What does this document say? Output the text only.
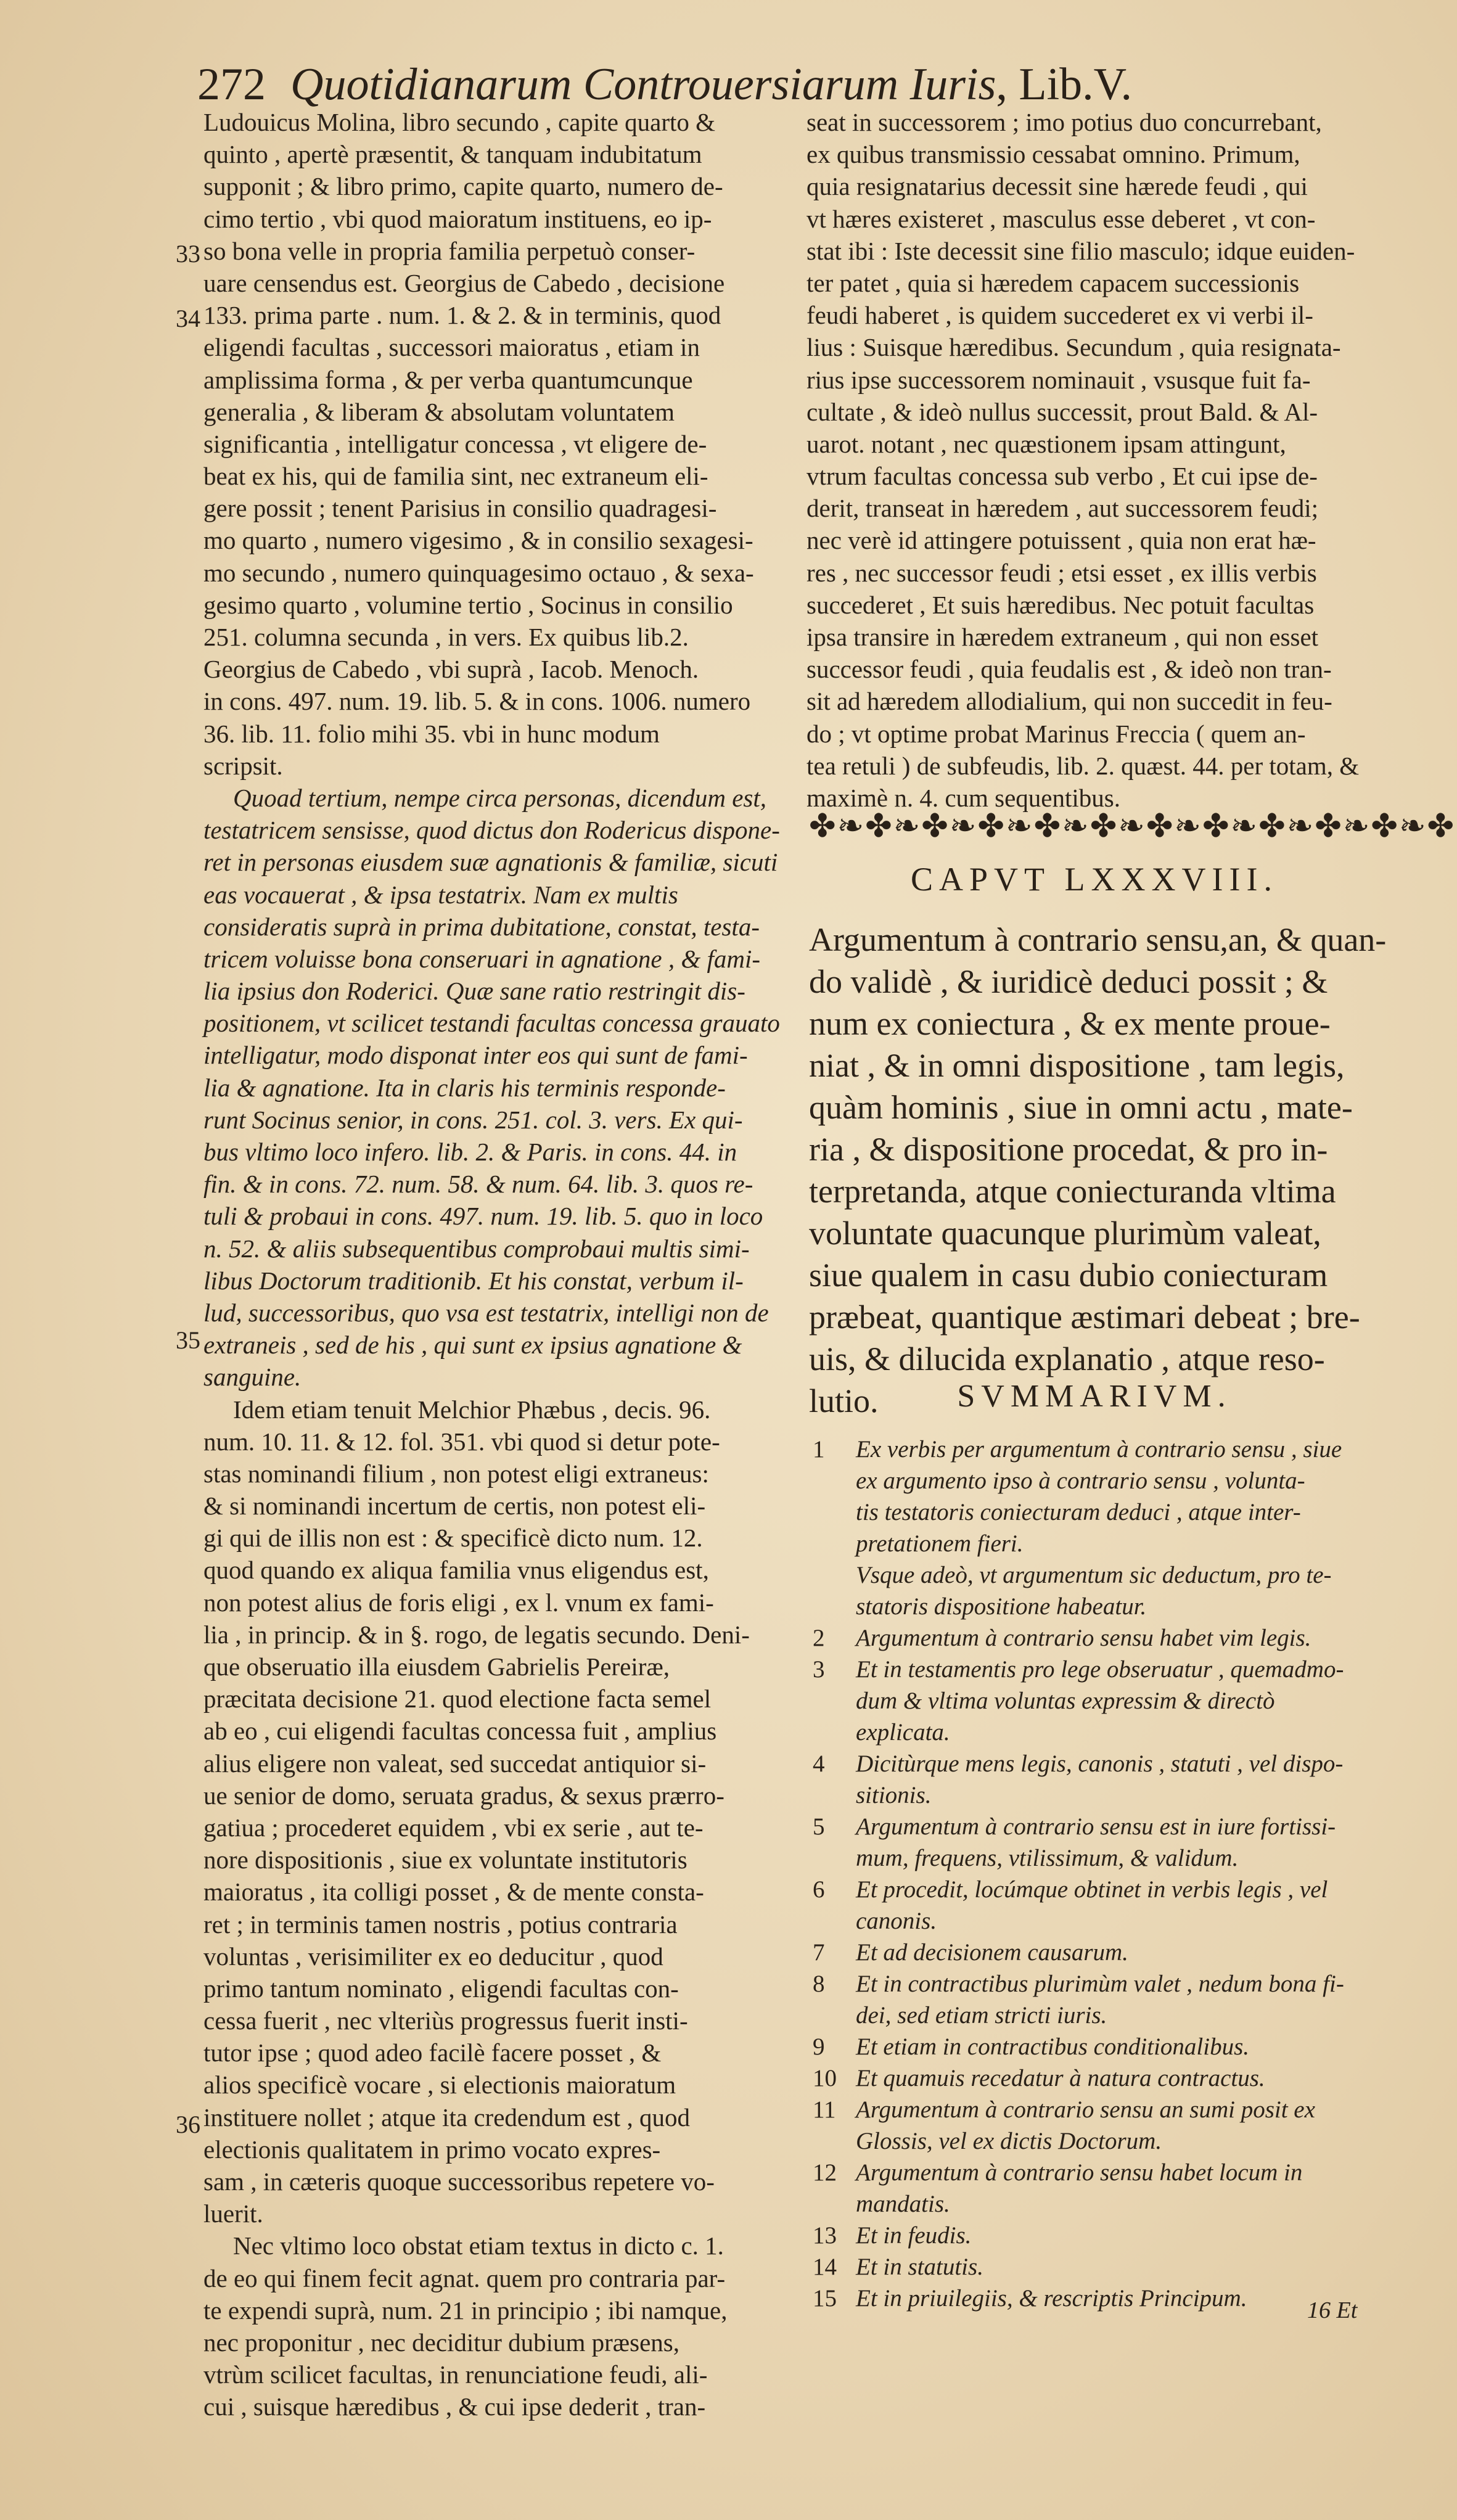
272 Quotidianarum Controuersiarum Iuris, Lib.V.
33
34
35
36
Ludouicus Molina, libro secundo , capite quarto &
quinto , apertè præsentit, & tanquam indubitatum
supponit ; & libro primo, capite quarto, numero de-
cimo tertio , vbi quod maioratum instituens, eo ip-
so bona velle in propria familia perpetuò conser-
uare censendus est. Georgius de Cabedo , decisione
133. prima parte . num. 1. & 2. & in terminis, quod
eligendi facultas , successori maioratus , etiam in
amplissima forma , & per verba quantumcunque
generalia , & liberam & absolutam voluntatem
significantia , intelligatur concessa , vt eligere de-
beat ex his, qui de familia sint, nec extraneum eli-
gere possit ; tenent Parisius in consilio quadragesi-
mo quarto , numero vigesimo , & in consilio sexagesi-
mo secundo , numero quinquagesimo octauo , & sexa-
gesimo quarto , volumine tertio , Socinus in consilio
251. columna secunda , in vers. Ex quibus lib.2.
Georgius de Cabedo , vbi suprà , Iacob. Menoch.
in cons. 497. num. 19. lib. 5. & in cons. 1006. numero
36. lib. 11. folio mihi 35. vbi in hunc modum
scripsit.
Quoad tertium, nempe circa personas, dicendum est,
testatricem sensisse, quod dictus don Rodericus dispone-
ret in personas eiusdem suæ agnationis & familiæ, sicuti
eas vocauerat , & ipsa testatrix. Nam ex multis
consideratis suprà in prima dubitatione, constat, testa-
tricem voluisse bona conseruari in agnatione , & fami-
lia ipsius don Roderici. Quæ sane ratio restringit dis-
positionem, vt scilicet testandi facultas concessa grauato
intelligatur, modo disponat inter eos qui sunt de fami-
lia & agnatione. Ita in claris his terminis responde-
runt Socinus senior, in cons. 251. col. 3. vers. Ex qui-
bus vltimo loco infero. lib. 2. & Paris. in cons. 44. in
fin. & in cons. 72. num. 58. & num. 64. lib. 3. quos re-
tuli & probaui in cons. 497. num. 19. lib. 5. quo in loco
n. 52. & aliis subsequentibus comprobaui multis simi-
libus Doctorum traditionib. Et his constat, verbum il-
lud, successoribus, quo vsa est testatrix, intelligi non de
extraneis , sed de his , qui sunt ex ipsius agnatione &
sanguine.
Idem etiam tenuit Melchior Phæbus , decis. 96.
num. 10. 11. & 12. fol. 351. vbi quod si detur pote-
stas nominandi filium , non potest eligi extraneus:
& si nominandi incertum de certis, non potest eli-
gi qui de illis non est : & specificè dicto num. 12.
quod quando ex aliqua familia vnus eligendus est,
non potest alius de foris eligi , ex l. vnum ex fami-
lia , in princip. & in §. rogo, de legatis secundo. Deni-
que obseruatio illa eiusdem Gabrielis Pereiræ,
præcitata decisione 21. quod electione facta semel
ab eo , cui eligendi facultas concessa fuit , amplius
alius eligere non valeat, sed succedat antiquior si-
ue senior de domo, seruata gradus, & sexus prærro-
gatiua ; procederet equidem , vbi ex serie , aut te-
nore dispositionis , siue ex voluntate institutoris
maioratus , ita colligi posset , & de mente consta-
ret ; in terminis tamen nostris , potius contraria
voluntas , verisimiliter ex eo deducitur , quod
primo tantum nominato , eligendi facultas con-
cessa fuerit , nec vlteriùs progressus fuerit insti-
tutor ipse ; quod adeo facilè facere posset , &
alios specificè vocare , si electionis maioratum
instituere nollet ; atque ita credendum est , quod
electionis qualitatem in primo vocato expres-
sam , in cæteris quoque successoribus repetere vo-
luerit.
Nec vltimo loco obstat etiam textus in dicto c. 1.
de eo qui finem fecit agnat. quem pro contraria par-
te expendi suprà, num. 21 in principio ; ibi namque,
nec proponitur , nec deciditur dubium præsens,
vtrùm scilicet facultas, in renunciatione feudi, ali-
cui , suisque hæredibus , & cui ipse dederit , tran-
seat in successorem ; imo potius duo concurrebant,
ex quibus transmissio cessabat omnino. Primum,
quia resignatarius decessit sine hærede feudi , qui
vt hæres existeret , masculus esse deberet , vt con-
stat ibi : Iste decessit sine filio masculo; idque euiden-
ter patet , quia si hæredem capacem successionis
feudi haberet , is quidem succederet ex vi verbi il-
lius : Suisque hæredibus. Secundum , quia resignata-
rius ipse successorem nominauit , vsusque fuit fa-
cultate , & ideò nullus successit, prout Bald. & Al-
uarot. notant , nec quæstionem ipsam attingunt,
vtrum facultas concessa sub verbo , Et cui ipse de-
derit, transeat in hæredem , aut successorem feudi;
nec verè id attingere potuissent , quia non erat hæ-
res , nec successor feudi ; etsi esset , ex illis verbis
succederet , Et suis hæredibus. Nec potuit facultas
ipsa transire in hæredem extraneum , qui non esset
successor feudi , quia feudalis est , & ideò non tran-
sit ad hæredem allodialium, qui non succedit in feu-
do ; vt optime probat Marinus Freccia ( quem an-
tea retuli ) de subfeudis, lib. 2. quæst. 44. per totam, &
maximè n. 4. cum sequentibus.
✤❧✤❧✤❧✤❧✤❧✤❧✤❧✤❧✤❧✤❧✤❧✤
CAPVT LXXXVIII.
Argumentum à contrario sensu,an, & quan-
do validè , & iuridicè deduci possit ; &
num ex coniectura , & ex mente proue-
niat , & in omni dispositione , tam legis,
quàm hominis , siue in omni actu , mate-
ria , & dispositione procedat, & pro in-
terpretanda, atque coniecturanda vltima
voluntate quacunque plurimùm valeat,
siue qualem in casu dubio coniecturam
præbeat, quantique æstimari debeat ; bre-
uis, & dilucida explanatio , atque reso-
lutio.	SVMMARIVM.
1	Ex verbis per argumentum à contrario sensu , siue
ex argumento ipso à contrario sensu , volunta-
tis testatoris coniecturam deduci , atque inter-
pretationem fieri.
Vsque adeò, vt argumentum sic deductum, pro te-
statoris dispositione habeatur.
2	Argumentum à contrario sensu habet vim legis.
3	Et in testamentis pro lege obseruatur , quemadmo-
dum & vltima voluntas expressim & directò
explicata.
4	Dicitùrque mens legis, canonis , statuti , vel dispo-
sitionis.
5	Argumentum à contrario sensu est in iure fortissi-
mum, frequens, vtilissimum, & validum.
6	Et procedit, locúmque obtinet in verbis legis , vel
canonis.
7	Et ad decisionem causarum.
8	Et in contractibus plurimùm valet , nedum bona fi-
dei, sed etiam stricti iuris.
9	Et etiam in contractibus conditionalibus.
10 Et quamuis recedatur à natura contractus.
11 Argumentum à contrario sensu an sumi posit ex
Glossis, vel ex dictis Doctorum.
12 Argumentum à contrario sensu habet locum in
mandatis.
13 Et in feudis.
14 Et in statutis.
15 Et in priuilegiis, & rescriptis Principum.	16 Et
